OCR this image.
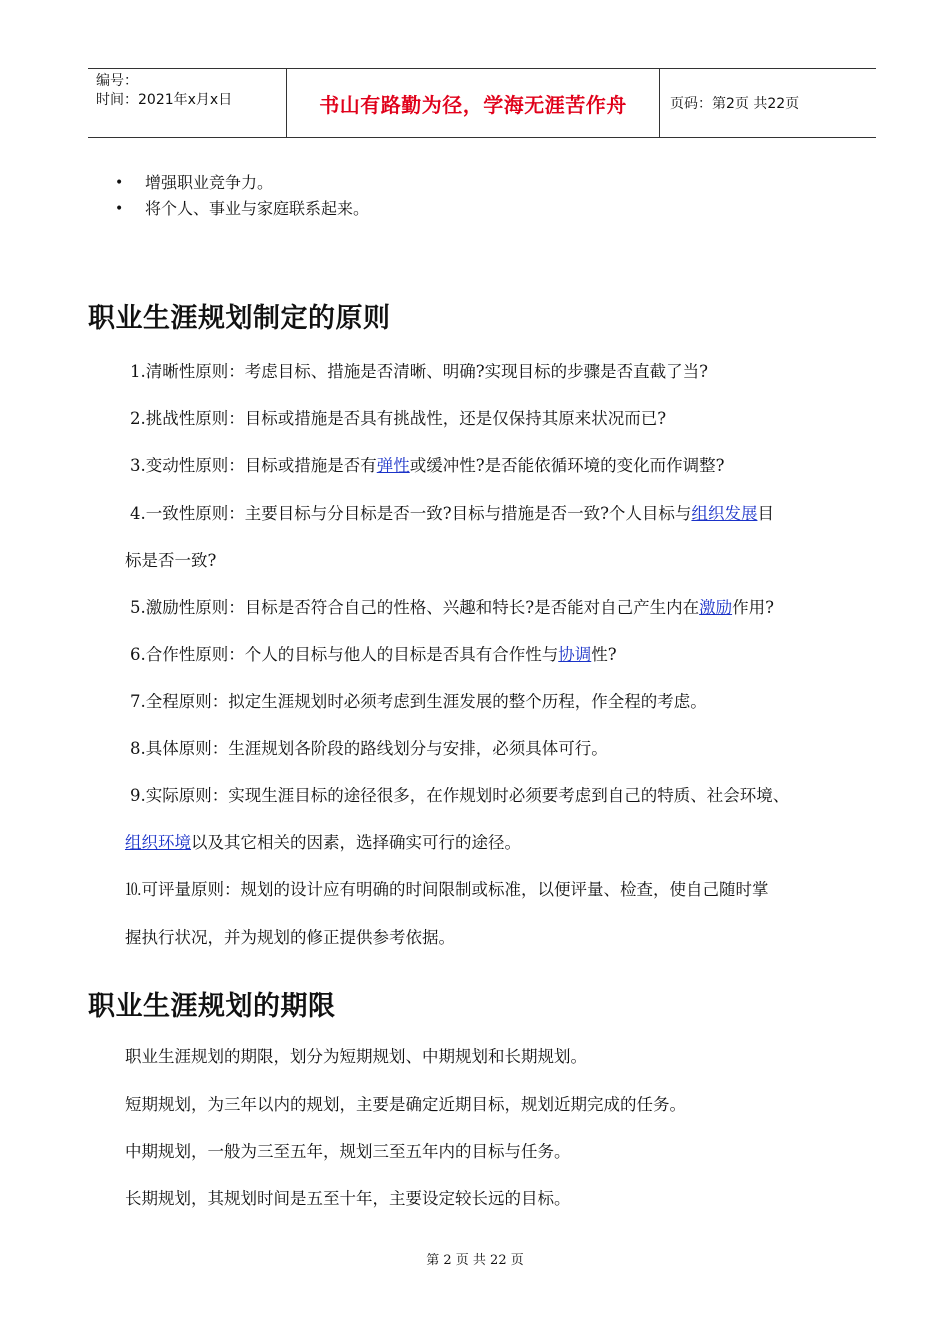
编号：
时间：2021年x月x日	书山有路勤为径，学海无涯苦作舟	页码：第2页 共22页
•	增强职业竞争力。
•	将个人、事业与家庭联系起来。
职业生涯规划制定的原则
1.清晰性原则：考虑目标、措施是否清晰、明确?实现目标的步骤是否直截了当?
2.挑战性原则：目标或措施是否具有挑战性，还是仅保持其原来状况而已?
3.变动性原则：目标或措施是否有弹性或缓冲性?是否能依循环境的变化而作调整?
4.一致性原则：主要目标与分目标是否一致?目标与措施是否一致?个人目标与组织发展目
标是否一致?
5.激励性原则：目标是否符合自己的性格、兴趣和特长?是否能对自己产生内在激励作用?
6.合作性原则：个人的目标与他人的目标是否具有合作性与协调性?
7.全程原则：拟定生涯规划时必须考虑到生涯发展的整个历程，作全程的考虑。
8.具体原则：生涯规划各阶段的路线划分与安排，必须具体可行。
9.实际原则：实现生涯目标的途径很多，在作规划时必须要考虑到自己的特质、社会环境、
组织环境以及其它相关的因素，选择确实可行的途径。
⒑可评量原则：规划的设计应有明确的时间限制或标准，以便评量、检查，使自己随时掌
握执行状况，并为规划的修正提供参考依据。
职业生涯规划的期限
职业生涯规划的期限，划分为短期规划、中期规划和长期规划。
短期规划，为三年以内的规划，主要是确定近期目标，规划近期完成的任务。
中期规划，一般为三至五年，规划三至五年内的目标与任务。
长期规划，其规划时间是五至十年，主要设定较长远的目标。
第 2 页 共 22 页
